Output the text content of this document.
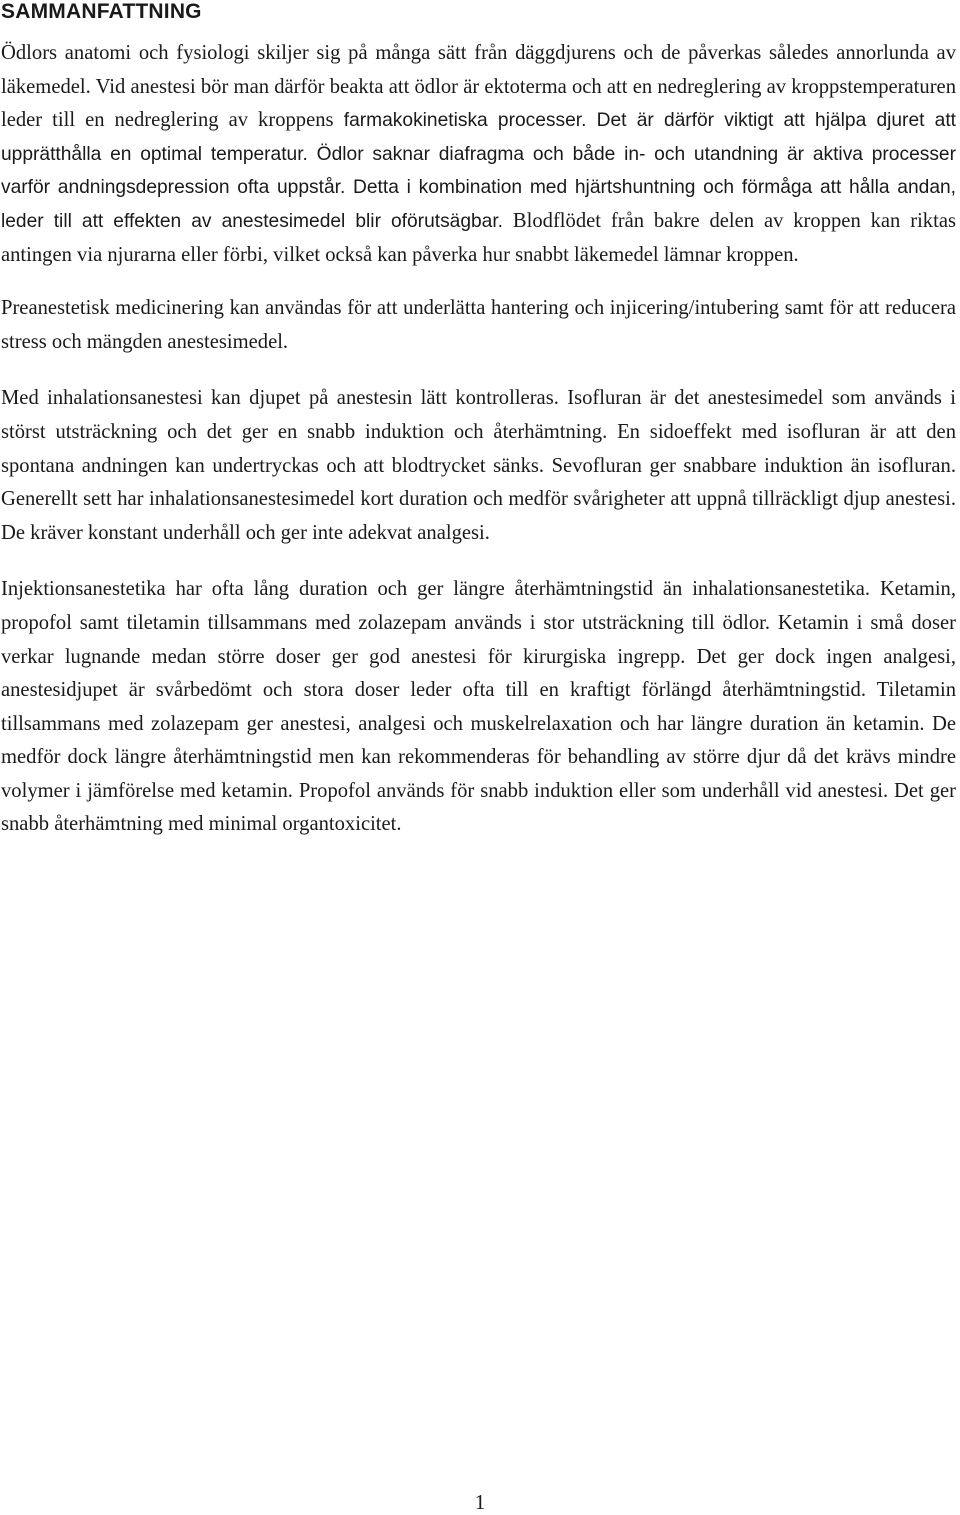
SAMMANFATTNING

Ödlors anatomi och fysiologi skiljer sig på många sätt från däggdjurens och de påverkas således annorlunda av läkemedel. Vid anestesi bör man därför beakta att ödlor är ektoterma och att en nedreglering av kroppstemperaturen leder till en nedreglering av kroppens farmakokinetiska processer. Det är därför viktigt att hjälpa djuret att upprätthålla en optimal temperatur. Ödlor saknar diafragma och både in- och utandning är aktiva processer varför andningsdepression ofta uppstår. Detta i kombination med hjärtshuntning och förmåga att hålla andan, leder till att effekten av anestesimedel blir oförutsägbar. Blodflödet från bakre delen av kroppen kan riktas antingen via njurarna eller förbi, vilket också kan påverka hur snabbt läkemedel lämnar kroppen.

Preanestetisk medicinering kan användas för att underlätta hantering och injicering/intubering samt för att reducera stress och mängden anestesimedel.

Med inhalationsanestesi kan djupet på anestesin lätt kontrolleras. Isofluran är det anestesimedel som används i störst utsträckning och det ger en snabb induktion och återhämtning. En sidoeffekt med isofluran är att den spontana andningen kan undertryckas och att blodtrycket sänks. Sevofluran ger snabbare induktion än isofluran. Generellt sett har inhalationsanestesimedel kort duration och medför svårigheter att uppnå tillräckligt djup anestesi. De kräver konstant underhåll och ger inte adekvat analgesi.

Injektionsanestetika har ofta lång duration och ger längre återhämtningstid än inhalationsanestetika. Ketamin, propofol samt tiletamin tillsammans med zolazepam används i stor utsträckning till ödlor. Ketamin i små doser verkar lugnande medan större doser ger god anestesi för kirurgiska ingrepp. Det ger dock ingen analgesi, anestesidjupet är svårbedömt och stora doser leder ofta till en kraftigt förlängd återhämtningstid. Tiletamin tillsammans med zolazepam ger anestesi, analgesi och muskelrelaxation och har längre duration än ketamin. De medför dock längre återhämtningstid men kan rekommenderas för behandling av större djur då det krävs mindre volymer i jämförelse med ketamin. Propofol används för snabb induktion eller som underhåll vid anestesi. Det ger snabb återhämtning med minimal organtoxicitet.

1
